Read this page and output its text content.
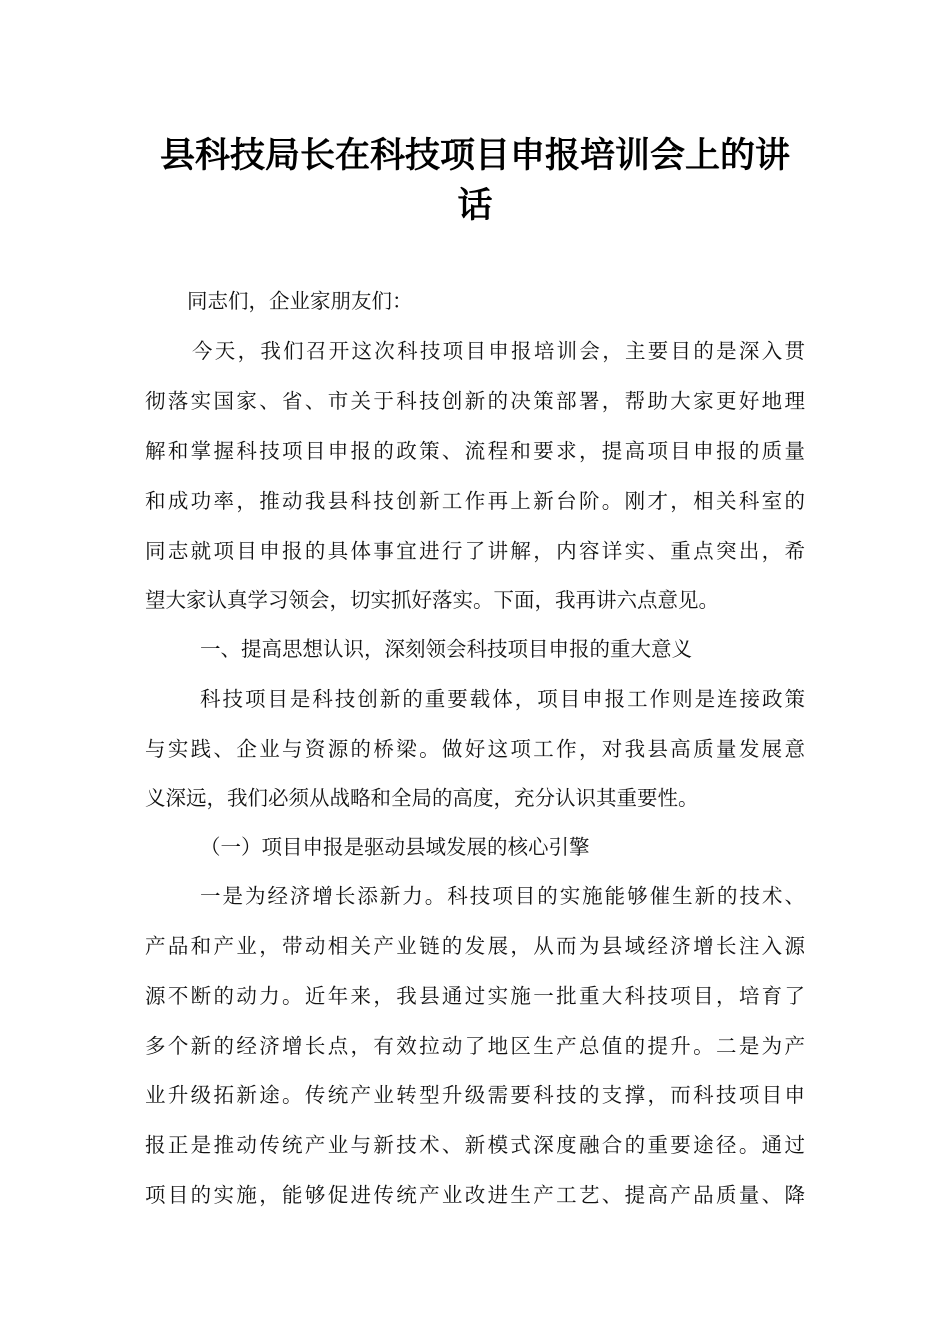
县科技局长在科技项目申报培训会上的讲
话

同志们，企业家朋友们：

今天，我们召开这次科技项目申报培训会，主要目的是深入贯

彻落实国家、省、市关于科技创新的决策部署，帮助大家更好地理

解和掌握科技项目申报的政策、流程和要求，提高项目申报的质量

和成功率，推动我县科技创新工作再上新台阶。刚才，相关科室的

同志就项目申报的具体事宜进行了讲解，内容详实、重点突出，希

望大家认真学习领会，切实抓好落实。下面，我再讲六点意见。

一、提高思想认识，深刻领会科技项目申报的重大意义

科技项目是科技创新的重要载体，项目申报工作则是连接政策

与实践、企业与资源的桥梁。做好这项工作，对我县高质量发展意

义深远，我们必须从战略和全局的高度，充分认识其重要性。

（一）项目申报是驱动县域发展的核心引擎

一是为经济增长添新力。科技项目的实施能够催生新的技术、

产品和产业，带动相关产业链的发展，从而为县域经济增长注入源

源不断的动力。近年来，我县通过实施一批重大科技项目，培育了

多个新的经济增长点，有效拉动了地区生产总值的提升。二是为产

业升级拓新途。传统产业转型升级需要科技的支撑，而科技项目申

报正是推动传统产业与新技术、新模式深度融合的重要途径。通过

项目的实施，能够促进传统产业改进生产工艺、提高产品质量、降
